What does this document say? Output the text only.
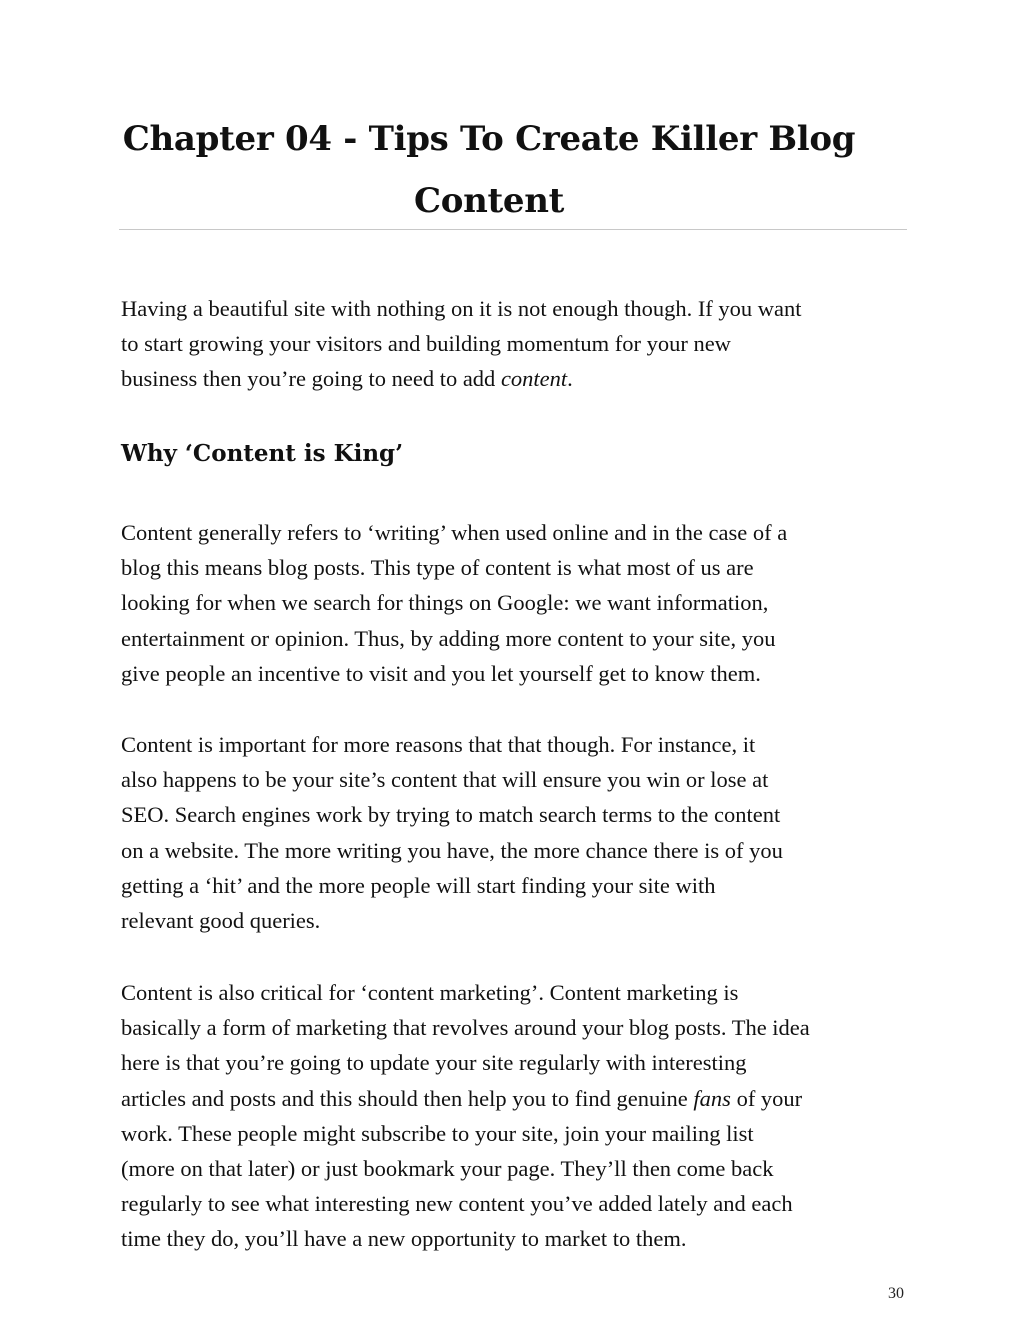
Chapter 04 - Tips To Create Killer Blog Content

Having a beautiful site with nothing on it is not enough though. If you want
to start growing your visitors and building momentum for your new
business then you’re going to need to add content.

Why ‘Content is King’

Content generally refers to ‘writing’ when used online and in the case of a
blog this means blog posts. This type of content is what most of us are
looking for when we search for things on Google: we want information,
entertainment or opinion. Thus, by adding more content to your site, you
give people an incentive to visit and you let yourself get to know them.

Content is important for more reasons that that though. For instance, it
also happens to be your site’s content that will ensure you win or lose at
SEO. Search engines work by trying to match search terms to the content
on a website. The more writing you have, the more chance there is of you
getting a ‘hit’ and the more people will start finding your site with
relevant good queries.

Content is also critical for ‘content marketing’. Content marketing is
basically a form of marketing that revolves around your blog posts. The idea
here is that you’re going to update your site regularly with interesting
articles and posts and this should then help you to find genuine fans of your
work. These people might subscribe to your site, join your mailing list
(more on that later) or just bookmark your page. They’ll then come back
regularly to see what interesting new content you’ve added lately and each
time they do, you’ll have a new opportunity to market to them.

30
